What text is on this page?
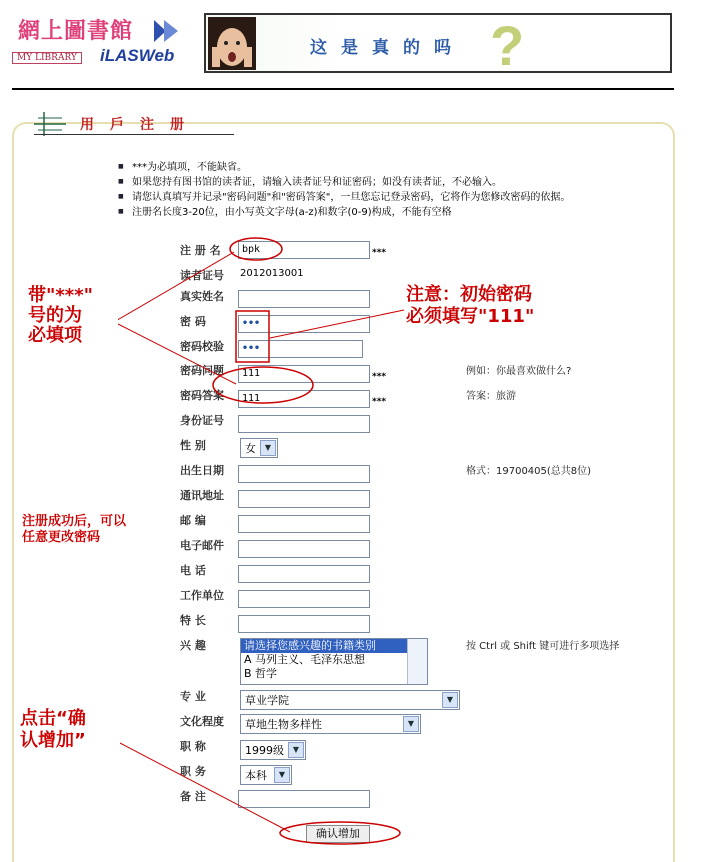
網上圖書館
MY LIBRARY iLASWeb	这是真的吗 ?
用戶注册
■ ***为必填项，不能缺省。
■ 如果您持有图书馆的读者证，请输入读者证号和证密码；如没有读者证，不必输入。
■ 请您认真填写并记录"密码问题"和"密码答案"，一旦您忘记登录密码，它将作为您修改密码的依据。
■ 注册名长度3-20位，由小写英文字母(a-z)和数字(0-9)构成，不能有空格
注 册 名	bpk	***
读者证号 2012013001
真实姓名
密 码	•••
密码校验	•••
密码问题	111	***	例如：你最喜欢做什么?
密码答案	111	***	答案：旅游
身份证号
性 别	女	▼
出生日期	格式：19700405(总共8位)
通讯地址
邮 编
电子邮件
电 话
工作单位
特 长
兴 趣	请选择您感兴趣的书籍类别
A 马列主义、毛泽东思想
B 哲学
按 Ctrl 或 Shift 键可进行多项选择
专 业	草业学院	▼
文化程度	草地生物多样性	▼
职 称	1999级	▼
职 务	本科	▼
备 注
确认增加
带"***"
号的为
必填项
注意：初始密码
必须填写"111"
注册成功后，可以
任意更改密码
点击“确
认增加”
